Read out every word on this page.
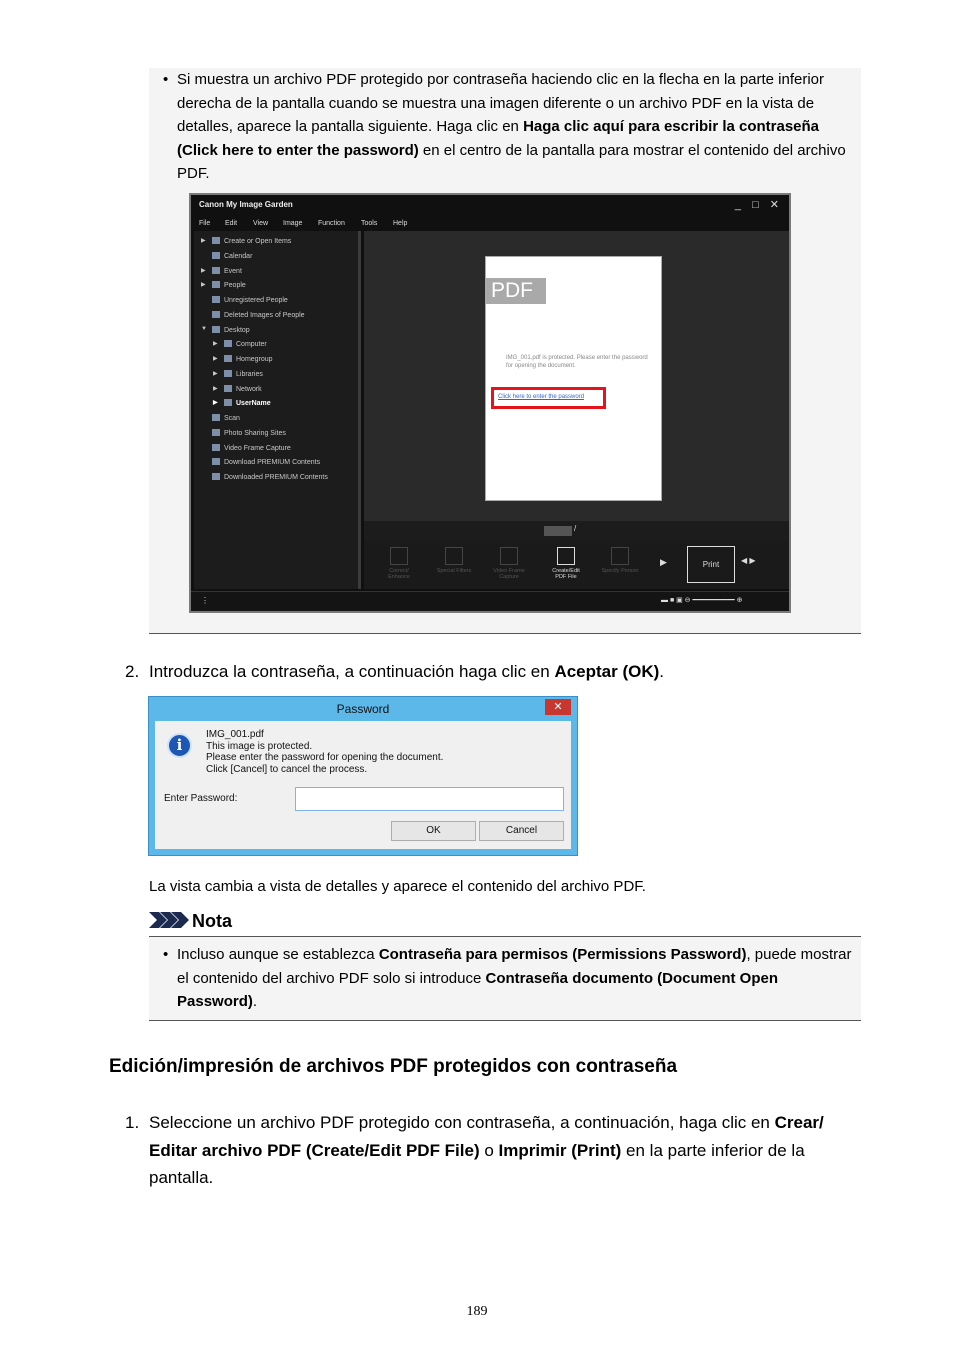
• Si muestra un archivo PDF protegido por contraseña haciendo clic en la flecha en la parte inferior derecha de la pantalla cuando se muestra una imagen diferente o un archivo PDF en la vista de detalles, aparece la pantalla siguiente. Haga clic en Haga clic aquí para escribir la contraseña (Click here to enter the password) en el centro de la pantalla para mostrar el contenido del archivo PDF.
Canon My Image Garden	_ □ ✕
File Edit View Image Function Tools Help
▶	Create or Open Items
Calendar
▶	Event
▶	People
Unregistered People
Deleted Images of People
▼ Desktop
▶	Computer
▶	Homegroup
▶	Libraries
▶	Network
▶	UserName
Scan
Photo Sharing Sites
Video Frame Capture
Download PREMIUM Contents
Downloaded PREMIUM Contents
PDF
IMG_001.pdf is protected. Please enter the password for opening the document.
Click here to enter the password
/
Correct/ Enhance
Special Filters	Video Frame Capture
Create/Edit PDF File
Specify Person
▶	Print	◀ ▶
⋮	▬ ■ ▣ ⊖ ━━━━━━━━━━ ⊕
2. Introduzca la contraseña, a continuación haga clic en Aceptar (OK).
Password	✕
i
IMG_001.pdf
This image is protected.
Please enter the password for opening the document.
Click [Cancel] to cancel the process.
Enter Password:
OK	Cancel
La vista cambia a vista de detalles y aparece el contenido del archivo PDF.
Nota
• Incluso aunque se establezca Contraseña para permisos (Permissions Password), puede mostrar el contenido del archivo PDF solo si introduce Contraseña documento (Document Open Password).
Edición/impresión de archivos PDF protegidos con contraseña
1. Seleccione un archivo PDF protegido con contraseña, a continuación, haga clic en Crear/ Editar archivo PDF (Create/Edit PDF File) o Imprimir (Print) en la parte inferior de la pantalla.
189
